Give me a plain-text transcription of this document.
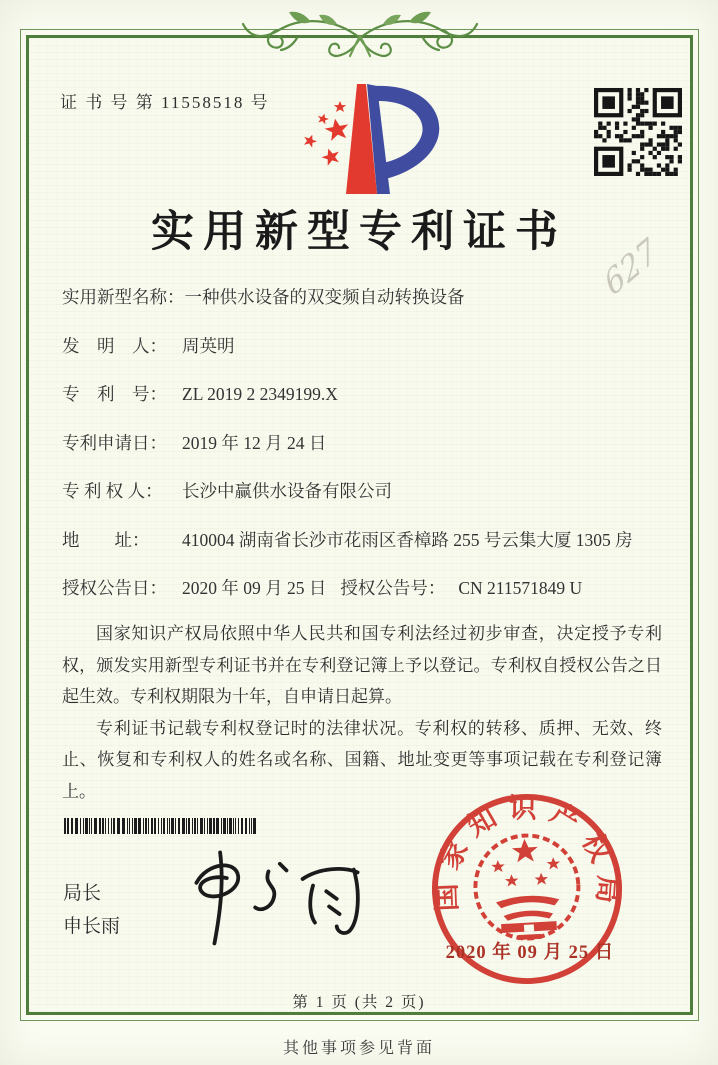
证 书 号 第 11558518 号
实用新型专利证书 627
实用新型名称： 一种供水设备的双变频自动转换设备
发　明　人： 周英明
专　利　号： ZL 2019 2 2349199.X
专利申请日： 2019 年 12 月 24 日
专 利 权 人：	长沙中赢供水设备有限公司
地　　址：	410004 湖南省长沙市花雨区香樟路 255 号云集大厦 1305 房
授权公告日： 2020 年 09 月 25 日 授权公告号： CN 211571849 U

国家知识产权局依照中华人民共和国专利法经过初步审查，决定授予专利权，颁发实用新型专利证书并在专利登记簿上予以登记。专利权自授权公告之日起生效。专利权期限为十年，自申请日起算。

专利证书记载专利权登记时的法律状况。专利权的转移、质押、无效、终止、恢复和专利权人的姓名或名称、国籍、地址变更等事项记载在专利登记簿上。

局长
申长雨
国家知识产权局
2020 年 09 月 25 日
第 1 页 (共 2 页)
其他事项参见背面
